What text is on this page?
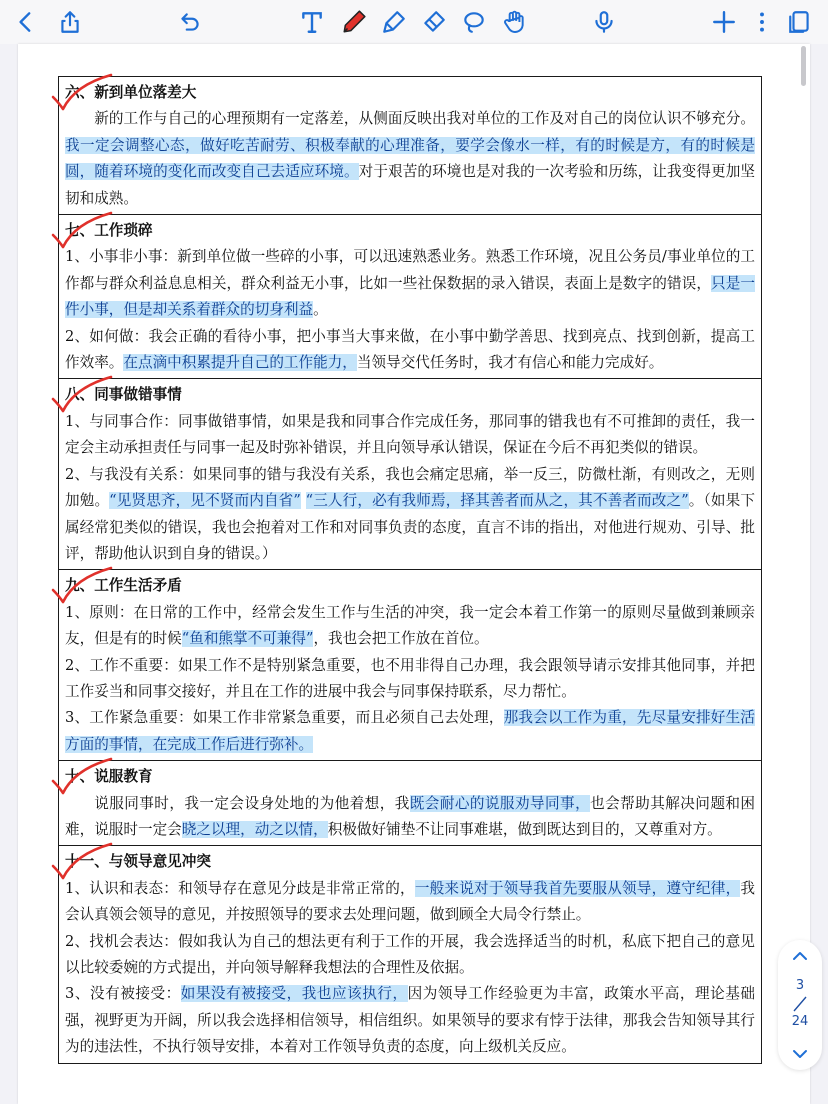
六、新到单位落差大

新的工作与自己的心理预期有一定落差，从侧面反映出我对单位的工作及对自己的岗位认识不够充分。我一定会调整心态，做好吃苦耐劳、积极奉献的心理准备，要学会像水一样，有的时候是方，有的时候是圆，随着环境的变化而改变自己去适应环境。对于艰苦的环境也是对我的一次考验和历练，让我变得更加坚韧和成熟。

七、工作琐碎

1、小事非小事：新到单位做一些碎的小事，可以迅速熟悉业务。熟悉工作环境，况且公务员/事业单位的工作都与群众利益息息相关，群众利益无小事，比如一些社保数据的录入错误，表面上是数字的错误，只是一件小事，但是却关系着群众的切身利益。

2、如何做：我会正确的看待小事，把小事当大事来做，在小事中勤学善思、找到亮点、找到创新，提高工作效率。在点滴中积累提升自己的工作能力，当领导交代任务时，我才有信心和能力完成好。

八、同事做错事情

1、与同事合作：同事做错事情，如果是我和同事合作完成任务，那同事的错我也有不可推卸的责任，我一定会主动承担责任与同事一起及时弥补错误，并且向领导承认错误，保证在今后不再犯类似的错误。

2、与我没有关系：如果同事的错与我没有关系，我也会痛定思痛，举一反三，防微杜渐，有则改之，无则加勉。“见贤思齐，见不贤而内自省” “三人行，必有我师焉，择其善者而从之，其不善者而改之”。（如果下属经常犯类似的错误，我也会抱着对工作和对同事负责的态度，直言不讳的指出，对他进行规劝、引导、批评，帮助他认识到自身的错误。）

九、工作生活矛盾

1、原则：在日常的工作中，经常会发生工作与生活的冲突，我一定会本着工作第一的原则尽量做到兼顾亲友，但是有的时候“鱼和熊掌不可兼得”，我也会把工作放在首位。

2、工作不重要：如果工作不是特别紧急重要，也不用非得自己办理，我会跟领导请示安排其他同事，并把工作妥当和同事交接好，并且在工作的进展中我会与同事保持联系，尽力帮忙。

3、工作紧急重要：如果工作非常紧急重要，而且必须自己去处理，那我会以工作为重，先尽量安排好生活方面的事情，在完成工作后进行弥补。

十、说服教育

说服同事时，我一定会设身处地的为他着想，我既会耐心的说服劝导同事，也会帮助其解决问题和困难，说服时一定会晓之以理，动之以情，积极做好铺垫不让同事难堪，做到既达到目的，又尊重对方。

十一、与领导意见冲突

1、认识和表态：和领导存在意见分歧是非常正常的，一般来说对于领导我首先要服从领导，遵守纪律，我会认真领会领导的意见，并按照领导的要求去处理问题，做到顾全大局令行禁止。

2、找机会表达：假如我认为自己的想法更有利于工作的开展，我会选择适当的时机，私底下把自己的意见以比较委婉的方式提出，并向领导解释我想法的合理性及依据。

3、没有被接受：如果没有被接受，我也应该执行，因为领导工作经验更为丰富，政策水平高，理论基础强，视野更为开阔，所以我会选择相信领导，相信组织。如果领导的要求有悖于法律，那我会告知领导其行为的违法性，不执行领导安排，本着对工作领导负责的态度，向上级机关反应。

3
24
